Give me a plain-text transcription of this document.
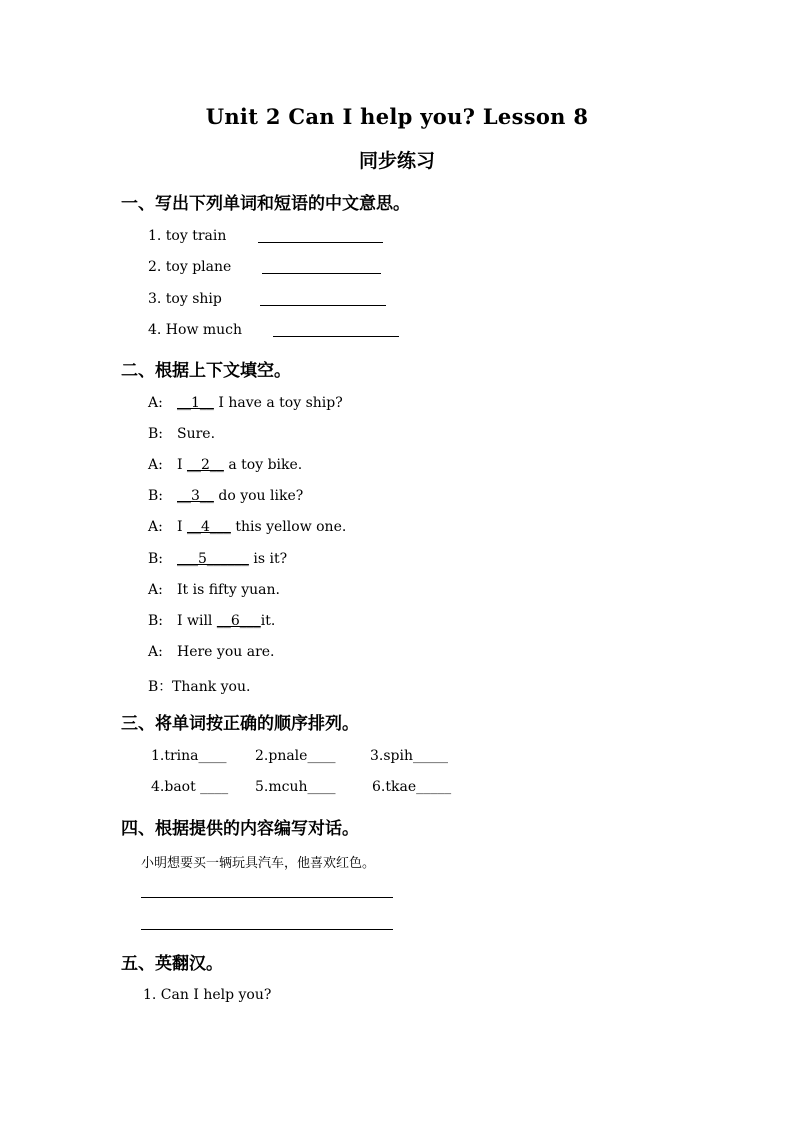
Unit 2 Can I help you? Lesson 8
同步练习
一、写出下列单词和短语的中文意思。
1. toy train
2. toy plane
3. toy ship
4. How much
二、根据上下文填空。
A: __1__ I have a toy ship?
B: Sure.
A: I __2__ a toy bike.
B: __3__ do you like?
A: I __4___ this yellow one.
B: ___5______ is it?
A: It is fifty yuan.
B: I will __6___it.
A: Here you are.
B：Thank you.
三、将单词按正确的顺序排列。
1.trina____ 2.pnale____ 3.spih_____
4.baot ____ 5.mcuh____	6.tkae_____
四、根据提供的内容编写对话。
小明想要买一辆玩具汽车，他喜欢红色。
五、英翻汉。
1. Can I help you?
